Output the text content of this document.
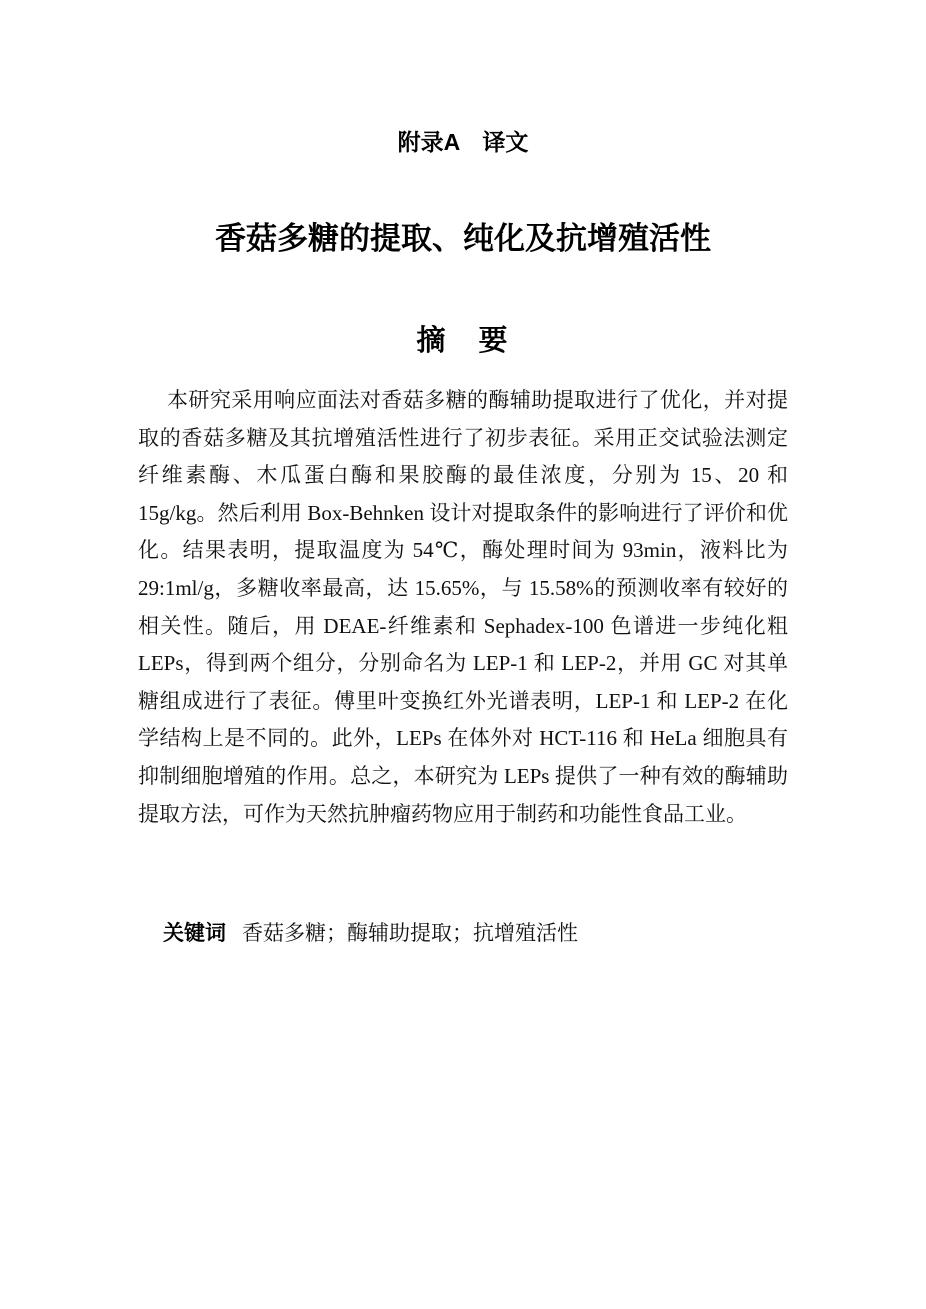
附录A　译文
香菇多糖的提取、纯化及抗增殖活性
摘　要

本研究采用响应面法对香菇多糖的酶辅助提取进行了优化，并对提取的香菇多糖及其抗增殖活性进行了初步表征。采用正交试验法测定纤维素酶、木瓜蛋白酶和果胶酶的最佳浓度，分别为 15、20 和 15g/kg。然后利用 Box-Behnken 设计对提取条件的影响进行了评价和优化。结果表明，提取温度为 54℃，酶处理时间为 93min，液料比为 29:1ml/g，多糖收率最高，达 15.65%，与 15.58%的预测收率有较好的相关性。随后，用 DEAE-纤维素和 Sephadex-100 色谱进一步纯化粗 LEPs，得到两个组分，分别命名为 LEP-1 和 LEP-2，并用 GC 对其单糖组成进行了表征。傅里叶变换红外光谱表明，LEP-1 和 LEP-2 在化学结构上是不同的。此外，LEPs 在体外对 HCT-116 和 HeLa 细胞具有抑制细胞增殖的作用。总之，本研究为 LEPs 提供了一种有效的酶辅助提取方法，可作为天然抗肿瘤药物应用于制药和功能性食品工业。

关键词 香菇多糖；酶辅助提取；抗增殖活性
